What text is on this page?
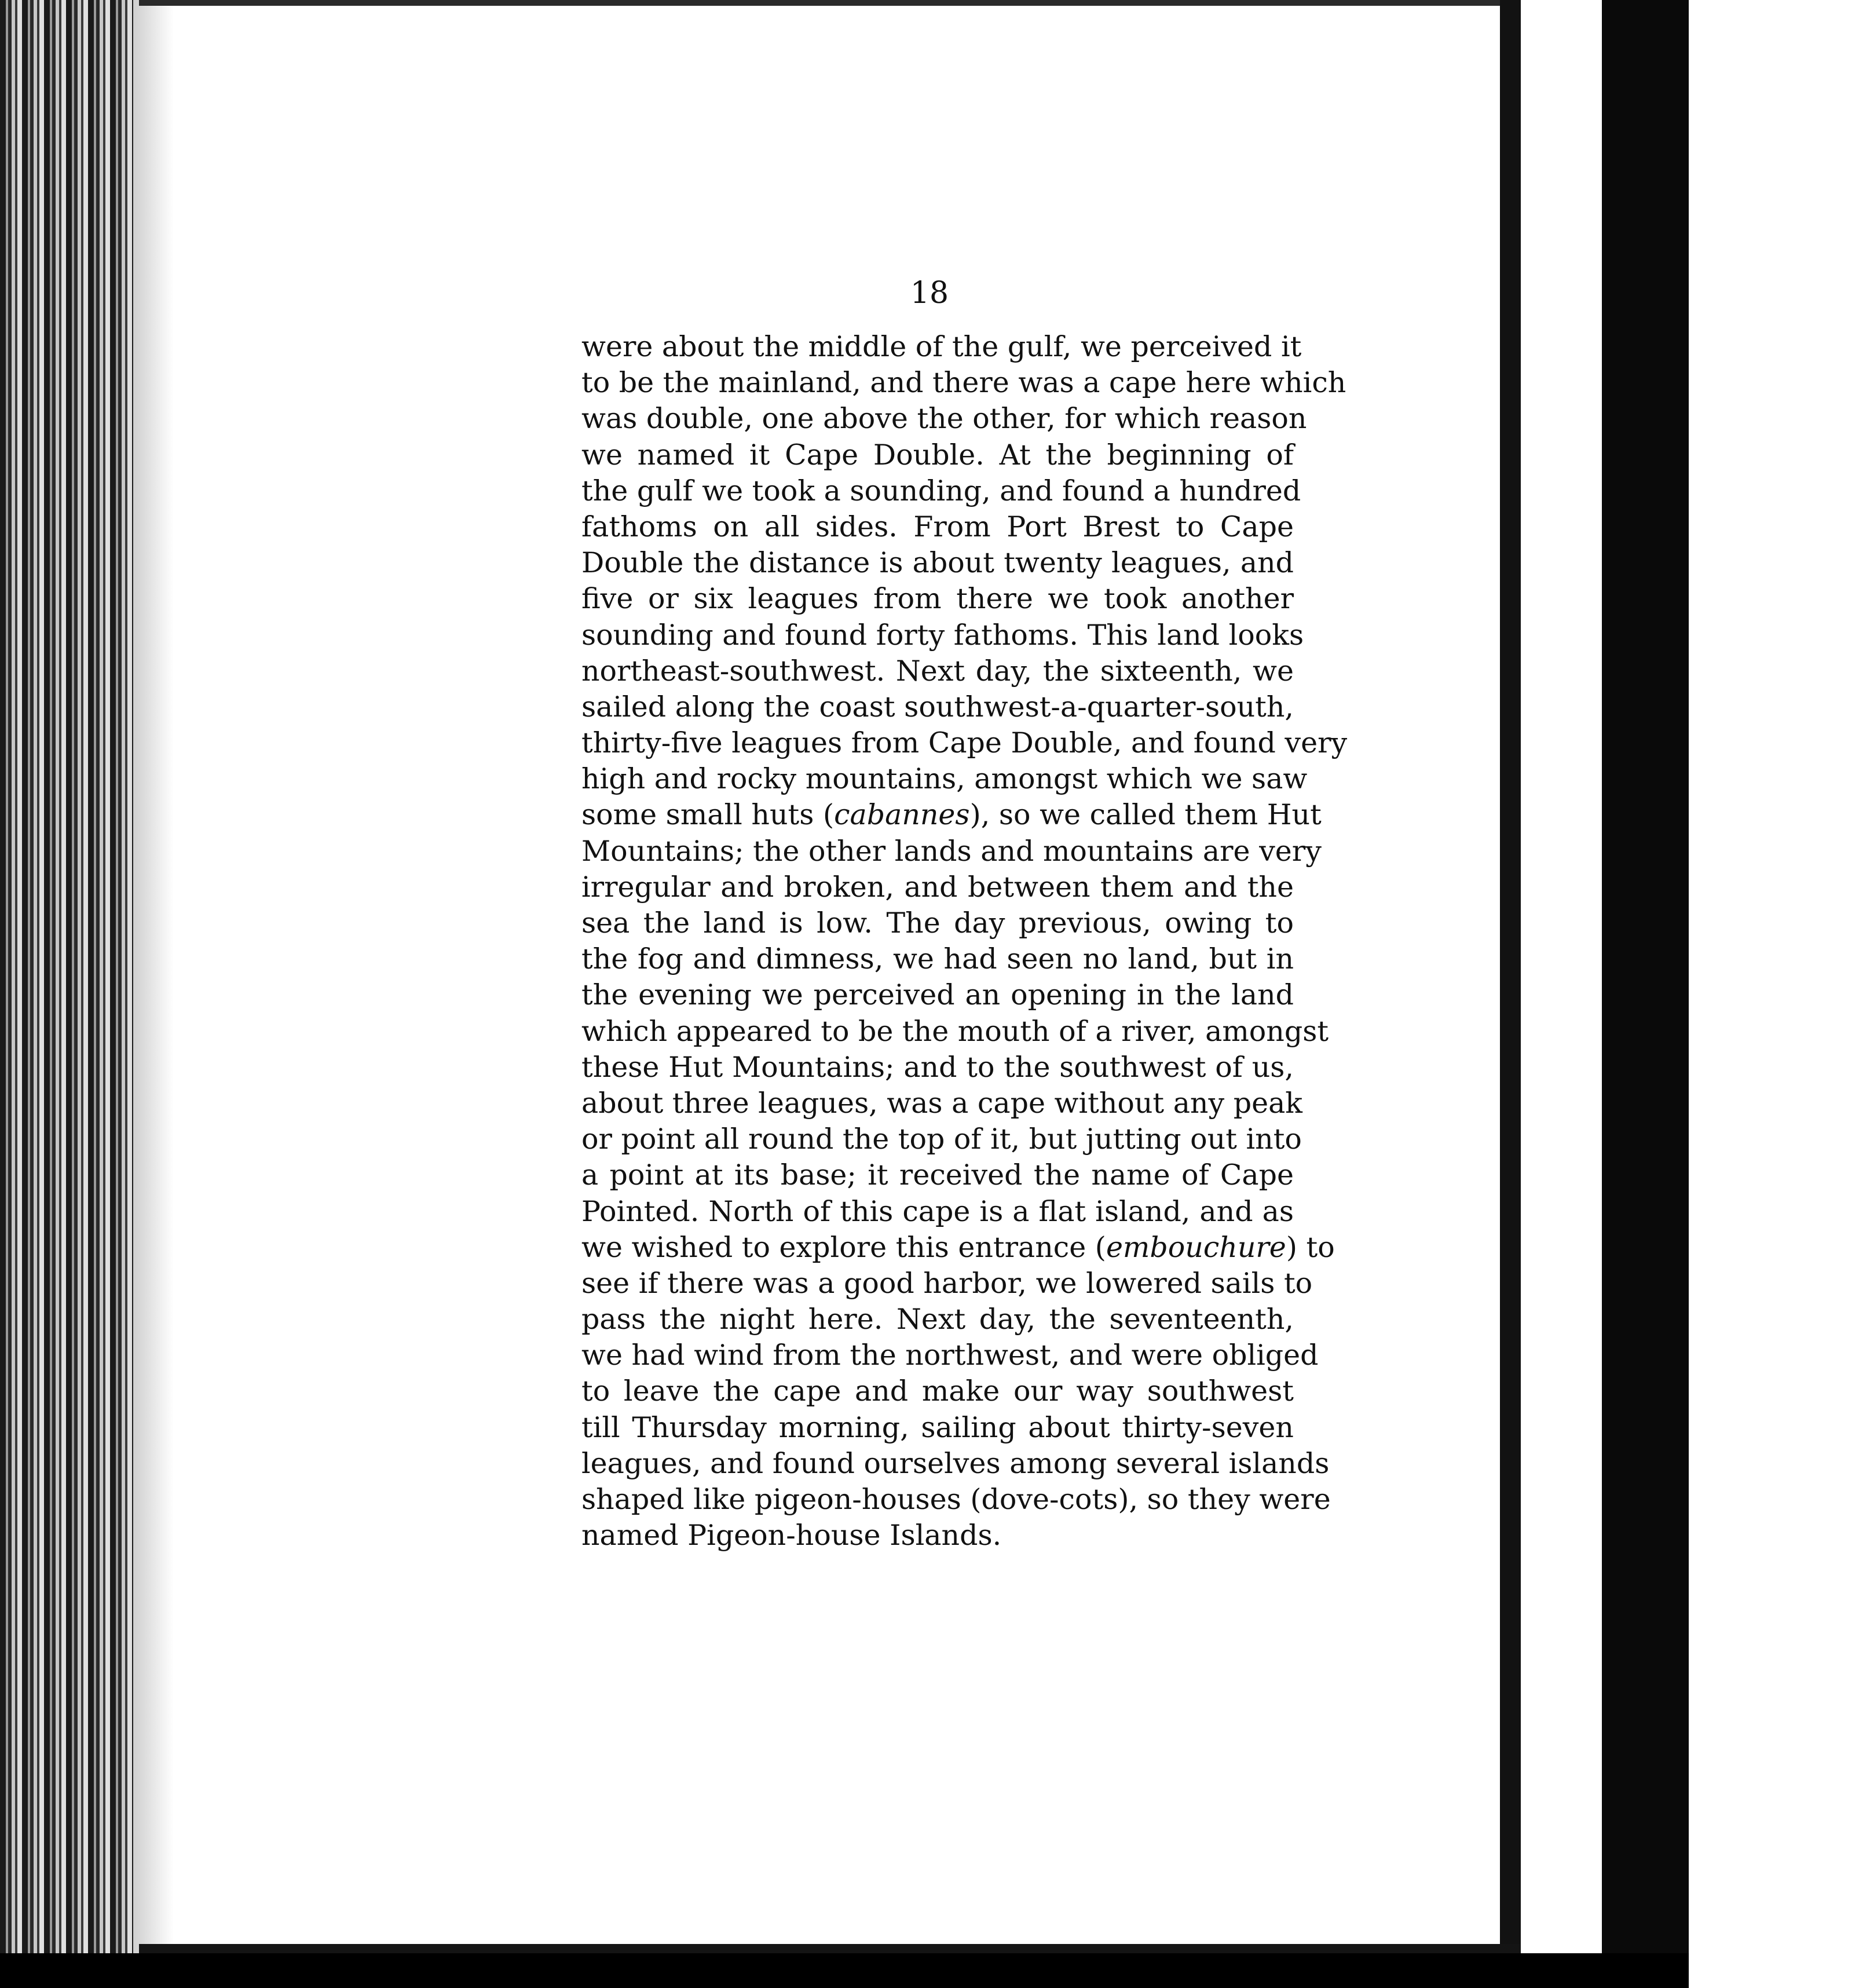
18
were about the middle of the gulf, we perceived it
to be the mainland, and there was a cape here which
was double, one above the other, for which reason
we named it Cape Double. At the beginning of
the gulf we took a sounding, and found a hundred
fathoms on all sides. From Port Brest to Cape
Double the distance is about twenty leagues, and
five or six leagues from there we took another
sounding and found forty fathoms. This land looks
northeast-southwest. Next day, the sixteenth, we
sailed along the coast southwest-a-quarter-south,
thirty-five leagues from Cape Double, and found very
high and rocky mountains, amongst which we saw
some small huts (cabannes), so we called them Hut
Mountains; the other lands and mountains are very
irregular and broken, and between them and the
sea the land is low. The day previous, owing to
the fog and dimness, we had seen no land, but in
the evening we perceived an opening in the land
which appeared to be the mouth of a river, amongst
these Hut Mountains; and to the southwest of us,
about three leagues, was a cape without any peak
or point all round the top of it, but jutting out into
a point at its base; it received the name of Cape
Pointed. North of this cape is a flat island, and as
we wished to explore this entrance (embouchure) to
see if there was a good harbor, we lowered sails to
pass the night here. Next day, the seventeenth,
we had wind from the northwest, and were obliged
to leave the cape and make our way southwest
till Thursday morning, sailing about thirty-seven
leagues, and found ourselves among several islands
shaped like pigeon-houses (dove-cots), so they were
named Pigeon-house Islands.
